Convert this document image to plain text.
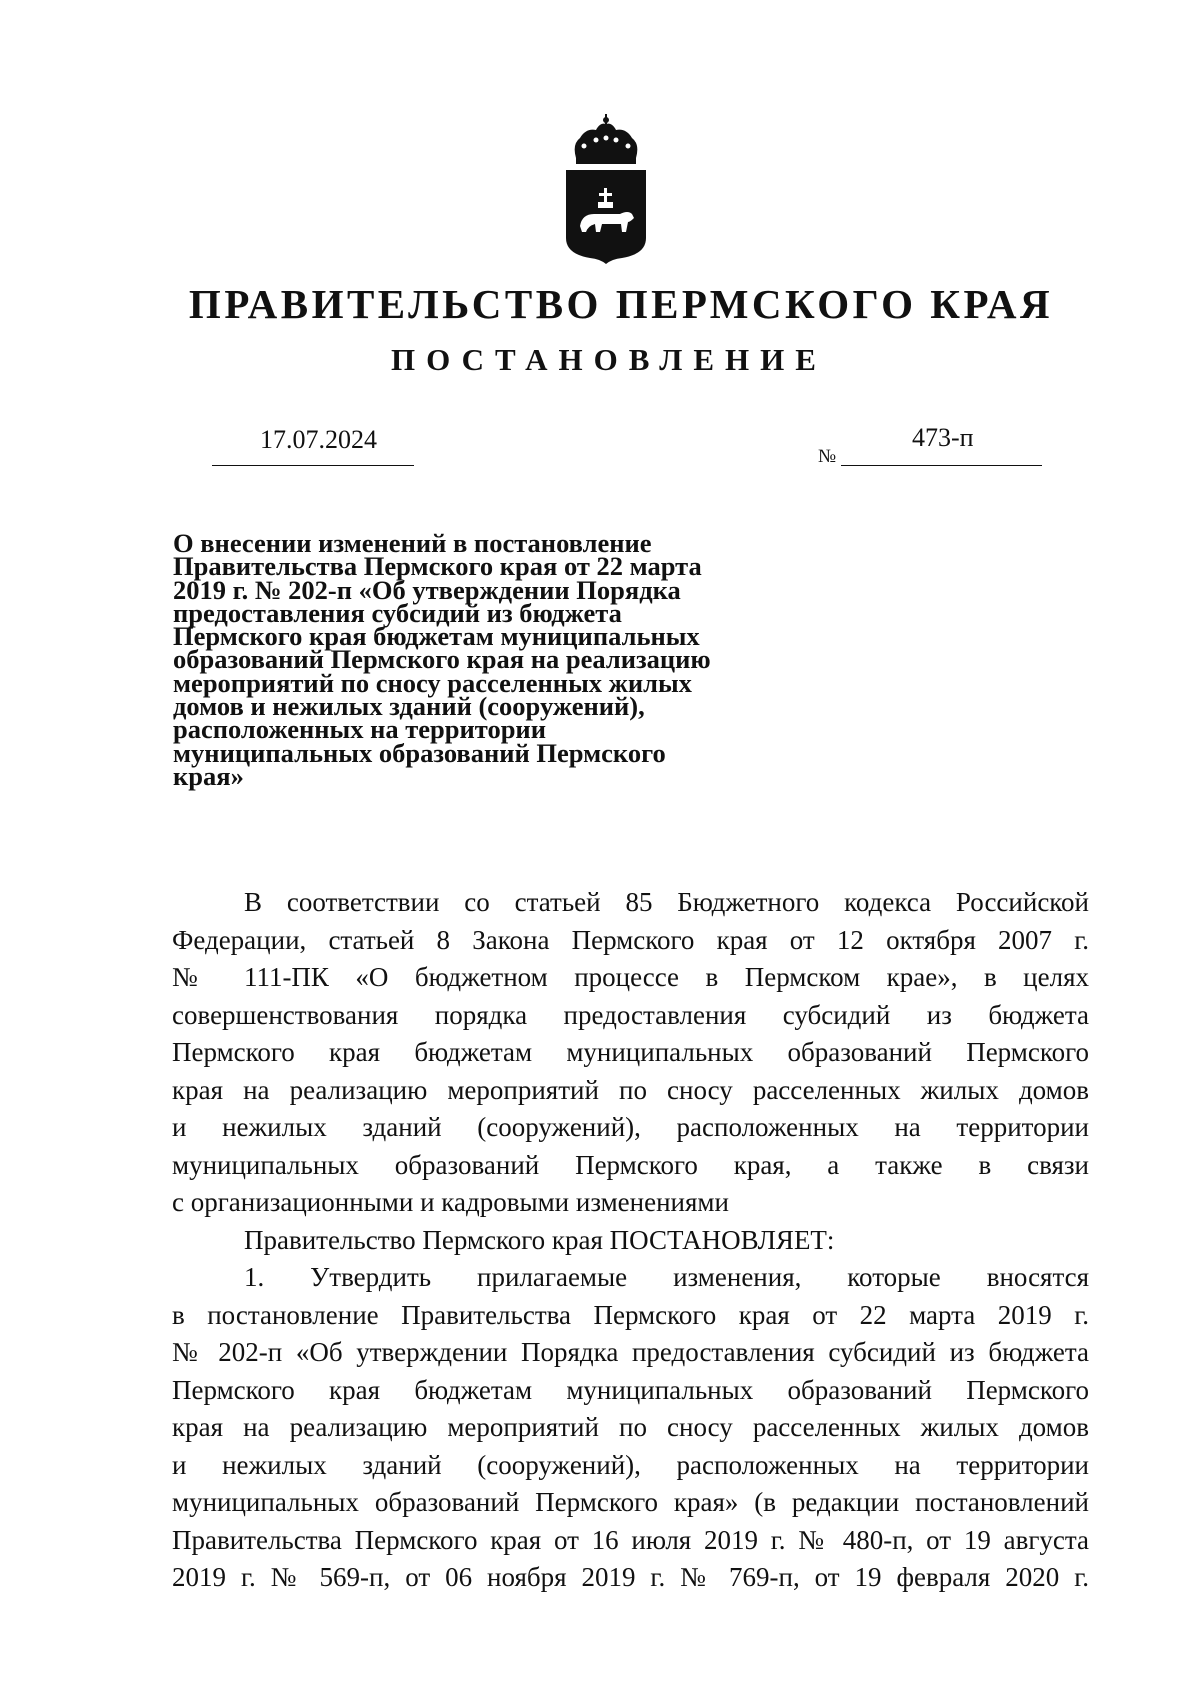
ПРАВИТЕЛЬСТВО ПЕРМСКОГО КРАЯ
ПОСТАНОВЛЕНИЕ
17.07.2024
№
473-п
О внесении изменений в постановление
Правительства Пермского края от 22 марта
2019 г. № 202-п «Об утверждении Порядка
предоставления субсидий из бюджета
Пермского края бюджетам муниципальных
образований Пермского края на реализацию
мероприятий по сносу расселенных жилых
домов и нежилых зданий (сооружений),
расположенных на территории
муниципальных образований Пермского
края»
В соответствии со статьей 85 Бюджетного кодекса Российской
Федерации, статьей 8 Закона Пермского края от 12 октября 2007 г.
№ 111-ПК «О бюджетном процессе в Пермском крае», в целях
совершенствования порядка предоставления субсидий из бюджета
Пермского края бюджетам муниципальных образований Пермского
края на реализацию мероприятий по сносу расселенных жилых домов
и нежилых зданий (сооружений), расположенных на территории
муниципальных образований Пермского края, а также в связи
с организационными и кадровыми изменениями
Правительство Пермского края ПОСТАНОВЛЯЕТ:
1. Утвердить прилагаемые изменения, которые вносятся
в постановление Правительства Пермского края от 22 марта 2019 г.
№ 202-п «Об утверждении Порядка предоставления субсидий из бюджета
Пермского края бюджетам муниципальных образований Пермского
края на реализацию мероприятий по сносу расселенных жилых домов
и нежилых зданий (сооружений), расположенных на территории
муниципальных образований Пермского края» (в редакции постановлений
Правительства Пермского края от 16 июля 2019 г. № 480-п, от 19 августа
2019 г. № 569-п, от 06 ноября 2019 г. № 769-п, от 19 февраля 2020 г.
